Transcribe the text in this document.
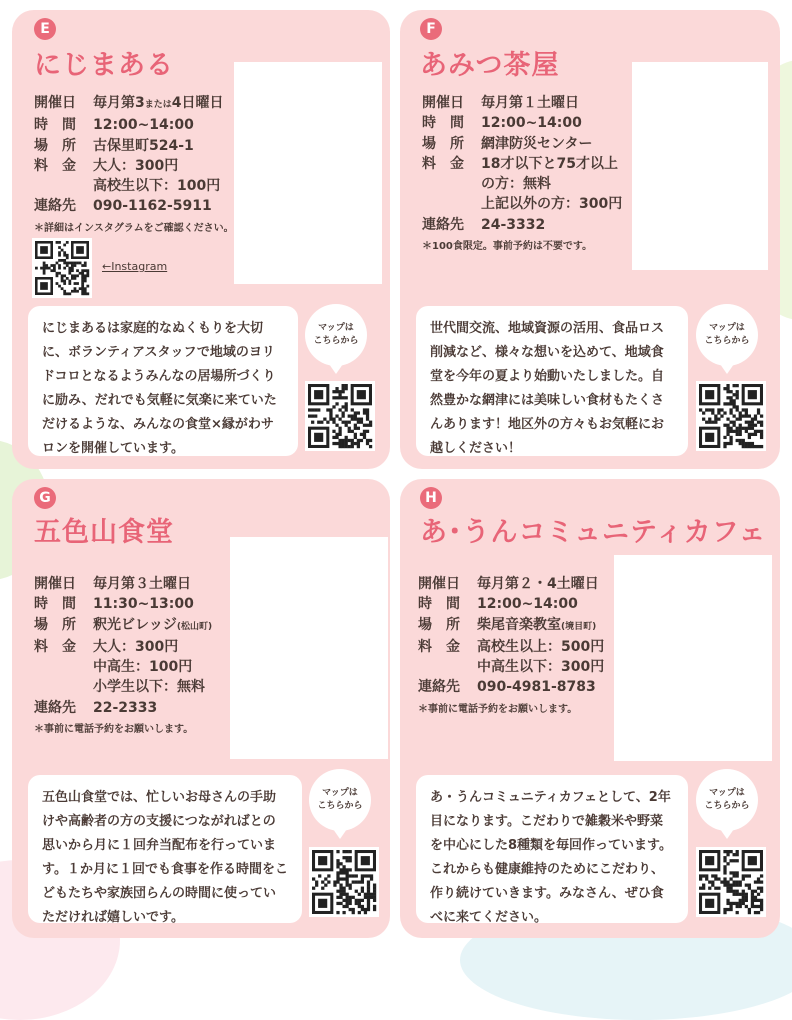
E
にじまある
開催日	毎月第3または4日曜日
時　間	12:00~14:00
場　所	古保里町524-1
料　金	大人：300円
高校生以下：100円
連絡先	090-1162-5911
＊詳細はインスタグラムをご確認ください。
←Instagram
にじまあるは家庭的なぬくもりを大切に、ボランティアスタッフで地域のヨリドコロとなるようみんなの居場所づくりに励み、だれでも気軽に気楽に来ていただけるような、みんなの食堂×縁がわサロンを開催しています。
マップは
こちらから
F
あみつ茶屋
開催日	毎月第１土曜日
時　間	12:00~14:00
場　所	網津防災センター
料　金	18才以下と75才以上
の方：無料
上記以外の方：300円
連絡先	24-3332
＊100食限定。事前予約は不要です。
世代間交流、地域資源の活用、食品ロス削減など、様々な想いを込めて、地域食堂を今年の夏より始動いたしました。自然豊かな網津には美味しい食材もたくさんあります！地区外の方々もお気軽にお越しください！
マップは
こちらから
G
五色山食堂
開催日	毎月第３土曜日
時　間	11:30~13:00
場　所	釈光ビレッジ(松山町)
料　金	大人：300円
中高生：100円
小学生以下：無料
連絡先	22-2333
＊事前に電話予約をお願いします。
五色山食堂では、忙しいお母さんの手助けや高齢者の方の支援につながればとの思いから月に１回弁当配布を行っています。１か月に１回でも食事を作る時間をこどもたちや家族団らんの時間に使っていただければ嬉しいです。
マップは
こちらから
H
あ･うんコミュニティカフェ
開催日	毎月第２・4土曜日
時　間	12:00~14:00
場　所	柴尾音楽教室(境目町)
料　金	高校生以上：500円
中高生以下：300円
連絡先	090-4981-8783
＊事前に電話予約をお願いします。
あ・うんコミュニティカフェとして、2年目になります。こだわりで雑穀米や野菜を中心にした8種類を毎回作っています。これからも健康維持のためにこだわり、作り続けていきます。みなさん、ぜひ食べに来てください。
マップは
こちらから
